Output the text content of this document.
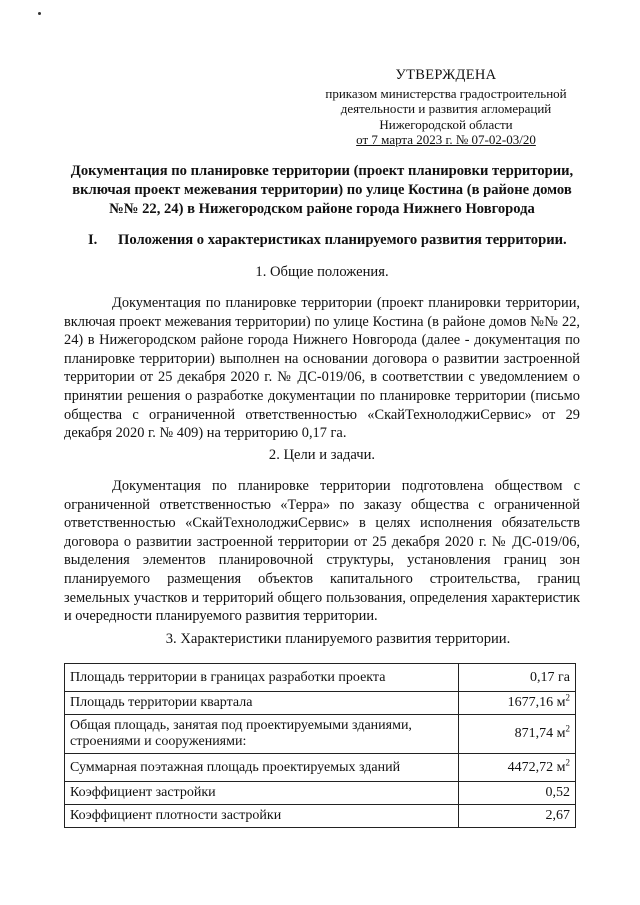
УТВЕРЖДЕНА
приказом министерства градостроительной
деятельности и развития агломераций
Нижегородской области
от 7 марта 2023 г. № 07-02-03/20
Документация по планировке территории (проект планировки территории, включая проект межевания территории) по улице Костина (в районе домов №№ 22, 24) в Нижегородском районе города Нижнего Новгорода
I. Положения о характеристиках планируемого развития территории.
1. Общие положения.
Документация по планировке территории (проект планировки территории, включая проект межевания территории) по улице Костина (в районе домов №№ 22, 24) в Нижегородском районе города Нижнего Новгорода (далее - документация по планировке территории) выполнен на основании договора о развитии застроенной территории от 25 декабря 2020 г. № ДС-019/06, в соответствии с уведомлением о принятии решения о разработке документации по планировке территории (письмо общества с ограниченной ответственностью «СкайТехнолоджиСервис» от 29 декабря 2020 г. № 409) на территорию 0,17 га.
2. Цели и задачи.
Документация по планировке территории подготовлена обществом с ограниченной ответственностью «Терра» по заказу общества с ограниченной ответственностью «СкайТехнолоджиСервис» в целях исполнения обязательств договора о развитии застроенной территории от 25 декабря 2020 г. № ДС-019/06, выделения элементов планировочной структуры, установления границ зон планируемого размещения объектов капитального строительства, границ земельных участков и территорий общего пользования, определения характеристик и очередности планируемого развития территории.
3. Характеристики планируемого развития территории.
Площадь территории в границах разработки проекта	0,17 га
Площадь территории квартала	1677,16 $м^2$
Общая площадь, занятая под проектируемыми зданиями, строениями и сооружениями:	871,74 $м^2$
Суммарная поэтажная площадь проектируемых зданий	4472,72 $м^2$
Коэффициент застройки	0,52
Коэффициент плотности застройки	2,67
